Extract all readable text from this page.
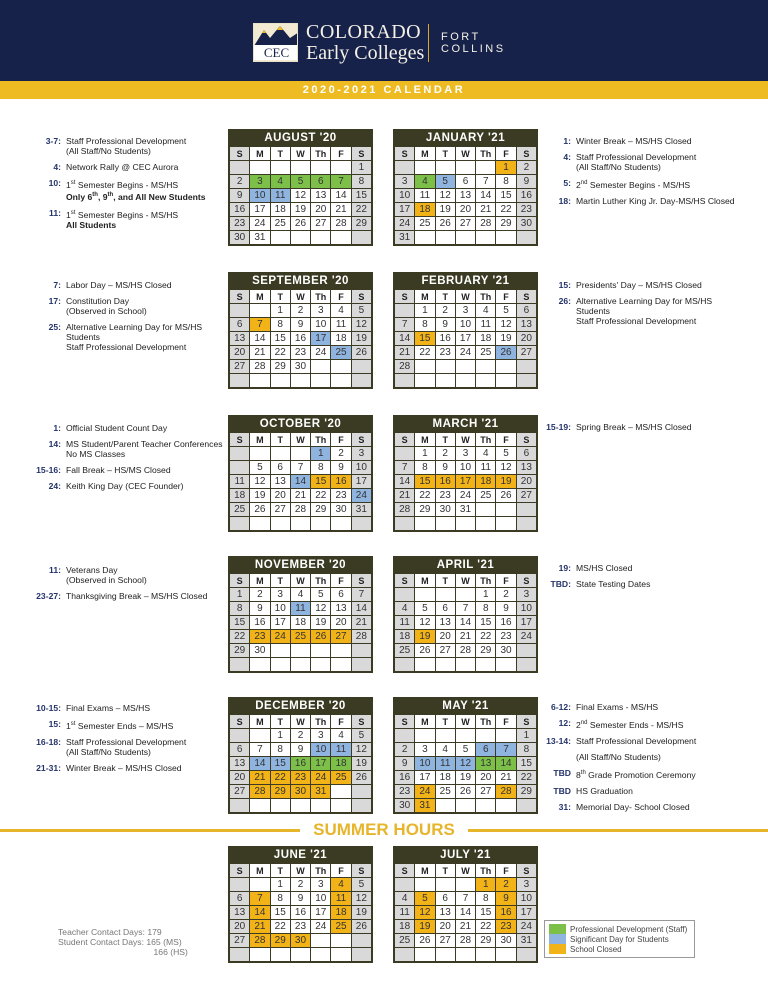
CEC
COLORADO
Early Colleges
FORT
COLLINS
2020-2021 CALENDAR
3-7: Staff Professional Development
(All Staff/No Students)
4: Network Rally @ CEC Aurora
10: 1st Semester Begins - MS/HS
Only 6th, 9th, and All New Students
11: 1st Semester Begins - MS/HS
All Students
1: Winter Break – MS/HS Closed
4: Staff Professional Development
(All Staff/No Students)
5: 2nd Semester Begins - MS/HS
18: Martin Luther King Jr. Day-MS/HS Closed
7: Labor Day – MS/HS Closed
17: Constitution Day
(Observed in School)
25: Alternative Learning Day for MS/HS
Students
Staff Professional Development
15: Presidents' Day – MS/HS Closed
26: Alternative Learning Day for MS/HS
Students
Staff Professional Development
1: Official Student Count Day
14: MS Student/Parent Teacher Conferences
No MS Classes
15-16: Fall Break – HS/MS Closed
24: Keith King Day (CEC Founder)
15-19: Spring Break – MS/HS Closed
11: Veterans Day
(Observed in School)
23-27: Thanksgiving Break – MS/HS Closed
19: MS/HS Closed
TBD: State Testing Dates
10-15: Final Exams – MS/HS
15: 1st Semester Ends – MS/HS
16-18: Staff Professional Development
(All Staff/No Students)
21-31: Winter Break – MS/HS Closed
6-12: Final Exams - MS/HS
12: 2nd Semester Ends - MS/HS
13-14: Staff Professional Development
(All Staff/No Students)
TBD 8th Grade Promotion Ceremony
TBD HS Graduation
31: Memorial Day- School Closed
AUGUST '20
S	M	T	W	Th	F	S
						1
2	3	4	5	6	7	8
9	10	11	12	13	14	15
16	17	18	19	20	21	22
23	24	25	26	27	28	29
30	31					
JANUARY '21
S	M	T	W	Th	F	S
					1	2
3	4	5	6	7	8	9
10	11	12	13	14	15	16
17	18	19	20	21	22	23
24	25	26	27	28	29	30
31						
SEPTEMBER '20
S	M	T	W	Th	F	S
		1	2	3	4	5
6	7	8	9	10	11	12
13	14	15	16	17	18	19
20	21	22	23	24	25	26
27	28	29	30			

FEBRUARY '21
S	M	T	W	Th	F	S
	1	2	3	4	5	6
7	8	9	10	11	12	13
14	15	16	17	18	19	20
21	22	23	24	25	26	27
28						

OCTOBER '20
S	M	T	W	Th	F	S
				1	2	3
	5	6	7	8	9	10
11	12	13	14	15	16	17
18	19	20	21	22	23	24
25	26	27	28	29	30	31

MARCH '21
S	M	T	W	Th	F	S
	1	2	3	4	5	6
7	8	9	10	11	12	13
14	15	16	17	18	19	20
21	22	23	24	25	26	27
28	29	30	31			

NOVEMBER '20
S	M	T	W	Th	F	S
1	2	3	4	5	6	7
8	9	10	11	12	13	14
15	16	17	18	19	20	21
22	23	24	25	26	27	28
29	30					

APRIL '21
S	M	T	W	Th	F	S
				1	2	3
4	5	6	7	8	9	10
11	12	13	14	15	16	17
18	19	20	21	22	23	24
25	26	27	28	29	30	

DECEMBER '20
S	M	T	W	Th	F	S
		1	2	3	4	5
6	7	8	9	10	11	12
13	14	15	16	17	18	19
20	21	22	23	24	25	26
27	28	29	30	31		

MAY '21
S	M	T	W	Th	F	S
						1
2	3	4	5	6	7	8
9	10	11	12	13	14	15
16	17	18	19	20	21	22
23	24	25	26	27	28	29
30	31					
SUMMER HOURS
JUNE '21
S	M	T	W	Th	F	S
		1	2	3	4	5
6	7	8	9	10	11	12
13	14	15	16	17	18	19
20	21	22	23	24	25	26
27	28	29	30			

JULY '21
S	M	T	W	Th	F	S
				1	2	3
4	5	6	7	8	9	10
11	12	13	14	15	16	17
18	19	20	21	22	23	24
25	26	27	28	29	30	31

Teacher Contact Days: 179
Student Contact Days: 165 (MS)
166 (HS)
Professional Development (Staff)
Significant Day for Students
School Closed
